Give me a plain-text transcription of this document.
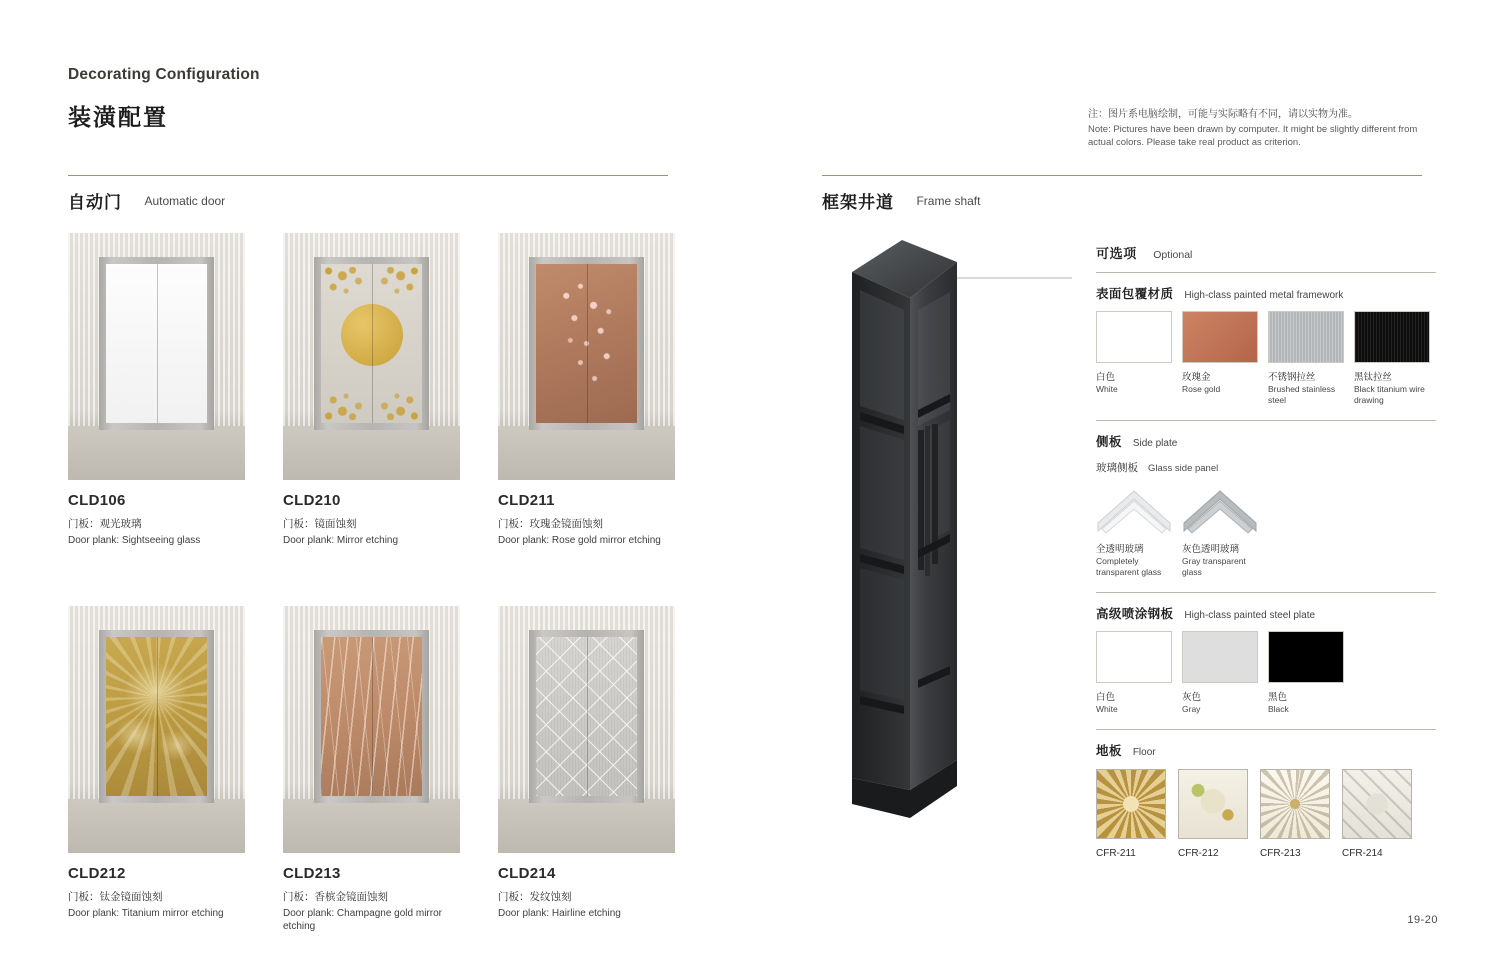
Decorating Configuration
装潢配置	注：图片系电脑绘制，可能与实际略有不同，请以实物为准。
Note: Pictures have been drawn by computer. It might be slightly different from actual colors. Please take real product as criterion.
自动门 Automatic door	框架井道 Frame shaft
CLD106
门板：观光玻璃
Door plank: Sightseeing glass
CLD210
门板：镜面蚀刻
Door plank: Mirror etching
CLD211
门板：玫瑰金镜面蚀刻
Door plank: Rose gold mirror etching
CLD212
门板：钛金镜面蚀刻
Door plank: Titanium mirror etching
CLD213
门板：香槟金镜面蚀刻
Door plank: Champagne gold mirror etching
CLD214
门板：发纹蚀刻
Door plank: Hairline etching
可选项 Optional
表面包覆材质 High-class painted metal framework
白色
White
玫瑰金
Rose gold
不锈钢拉丝
Brushed stainless steel
黑钛拉丝
Black titanium wire drawing
侧板 Side plate
玻璃侧板 Glass side panel
全透明玻璃
Completely transparent glass
灰色透明玻璃
Gray transparent glass
高级喷涂钢板 High-class painted steel plate
白色
White
灰色
Gray
黑色
Black
地板 Floor
CFR-211	CFR-212	CFR-213	CFR-214
19-20
